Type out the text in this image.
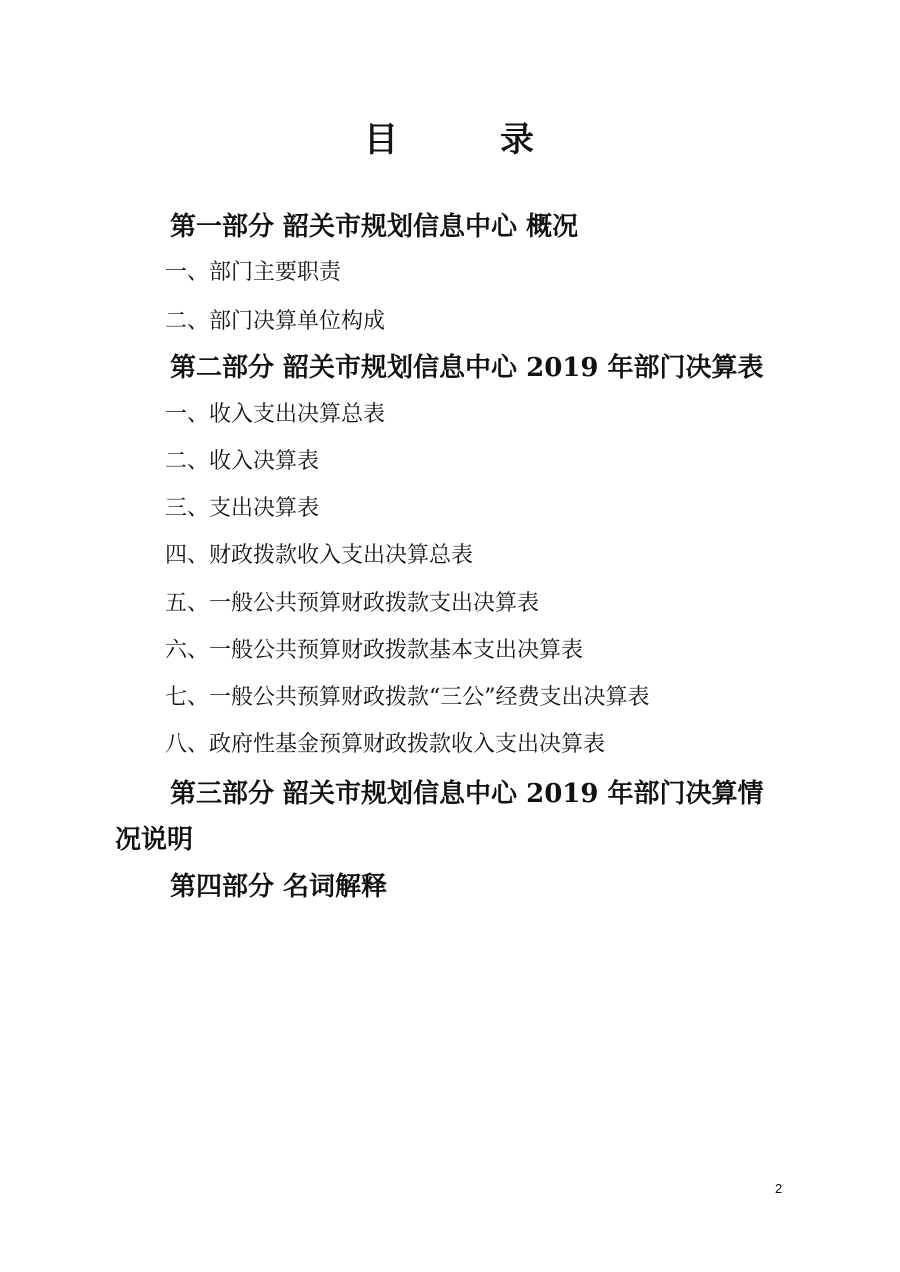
目	录
第一部分 韶关市规划信息中心 概况
一、部门主要职责
二、部门决算单位构成
第二部分 韶关市规划信息中心 2019 年部门决算表
一、收入支出决算总表
二、收入决算表
三、支出决算表
四、财政拨款收入支出决算总表
五、一般公共预算财政拨款支出决算表
六、一般公共预算财政拨款基本支出决算表
七、一般公共预算财政拨款“三公”经费支出决算表
八、政府性基金预算财政拨款收入支出决算表
第三部分 韶关市规划信息中心 2019 年部门决算情
况说明
第四部分 名词解释
2
